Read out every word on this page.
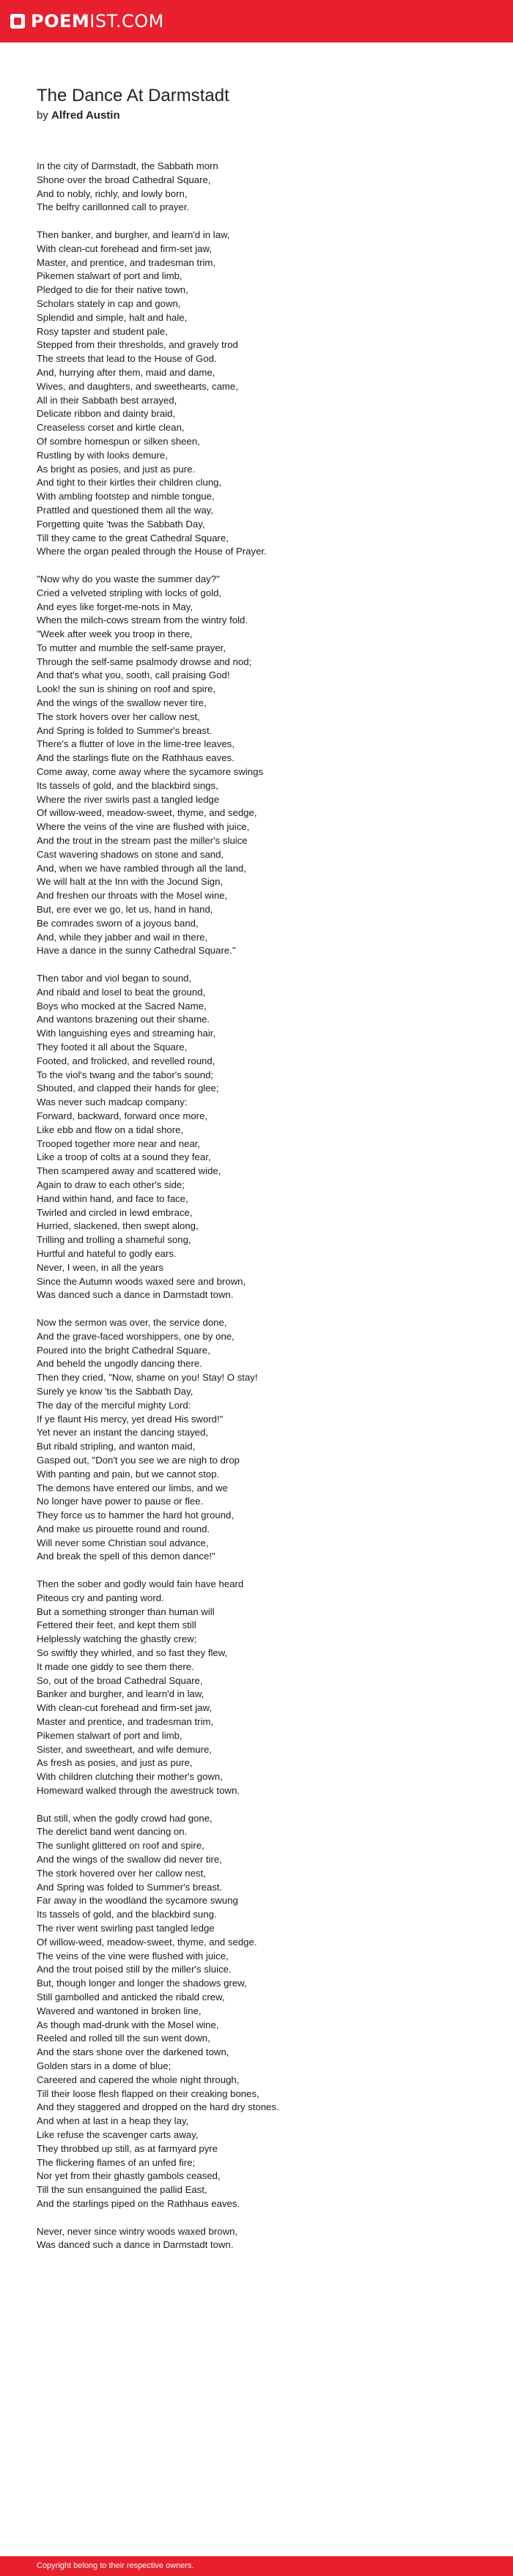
POEMIST.COM
The Dance At Darmstadt
by Alfred Austin

In the city of Darmstadt, the Sabbath morn
Shone over the broad Cathedral Square,
And to nobly, richly, and lowly born,
The belfry carillonned call to prayer.

Then banker, and burgher, and learn'd in law,
With clean-cut forehead and firm-set jaw,
Master, and prentice, and tradesman trim,
Pikemen stalwart of port and limb,
Pledged to die for their native town,
Scholars stately in cap and gown,
Splendid and simple, halt and hale,
Rosy tapster and student pale,
Stepped from their thresholds, and gravely trod
The streets that lead to the House of God.
And, hurrying after them, maid and dame,
Wives, and daughters, and sweethearts, came,
All in their Sabbath best arrayed,
Delicate ribbon and dainty braid,
Creaseless corset and kirtle clean,
Of sombre homespun or silken sheen,
Rustling by with looks demure,
As bright as posies, and just as pure.
And tight to their kirtles their children clung,
With ambling footstep and nimble tongue,
Prattled and questioned them all the way,
Forgetting quite 'twas the Sabbath Day,
Till they came to the great Cathedral Square,
Where the organ pealed through the House of Prayer.

"Now why do you waste the summer day?"
Cried a velveted stripling with locks of gold,
And eyes like forget-me-nots in May,
When the milch-cows stream from the wintry fold.
"Week after week you troop in there,
To mutter and mumble the self-same prayer,
Through the self-same psalmody drowse and nod;
And that's what you, sooth, call praising God!
Look! the sun is shining on roof and spire,
And the wings of the swallow never tire,
The stork hovers over her callow nest,
And Spring is folded to Summer's breast.
There's a flutter of love in the lime-tree leaves,
And the starlings flute on the Rathhaus eaves.
Come away, come away where the sycamore swings
Its tassels of gold, and the blackbird sings,
Where the river swirls past a tangled ledge
Of willow-weed, meadow-sweet, thyme, and sedge,
Where the veins of the vine are flushed with juice,
And the trout in the stream past the miller's sluice
Cast wavering shadows on stone and sand,
And, when we have rambled through all the land,
We will halt at the Inn with the Jocund Sign,
And freshen our throats with the Mosel wine,
But, ere ever we go, let us, hand in hand,
Be comrades sworn of a joyous band,
And, while they jabber and wail in there,
Have a dance in the sunny Cathedral Square.''

Then tabor and viol began to sound,
And ribald and losel to beat the ground,
Boys who mocked at the Sacred Name,
And wantons brazening out their shame.
With languishing eyes and streaming hair,
They footed it all about the Square,
Footed, and frolicked, and revelled round,
To the viol's twang and the tabor's sound;
Shouted, and clapped their hands for glee;
Was never such madcap company:
Forward, backward, forward once more,
Like ebb and flow on a tidal shore,
Trooped together more near and near,
Like a troop of colts at a sound they fear,
Then scampered away and scattered wide,
Again to draw to each other's side;
Hand within hand, and face to face,
Twirled and circled in lewd embrace,
Hurried, slackened, then swept along,
Trilling and trolling a shameful song,
Hurtful and hateful to godly ears.
Never, I ween, in all the years
Since the Autumn woods waxed sere and brown,
Was danced such a dance in Darmstadt town.

Now the sermon was over, the service done,
And the grave-faced worshippers, one by one,
Poured into the bright Cathedral Square,
And beheld the ungodly dancing there.
Then they cried, "Now, shame on you! Stay! O stay!
Surely ye know 'tis the Sabbath Day,
The day of the merciful mighty Lord:
If ye flaunt His mercy, yet dread His sword!"
Yet never an instant the dancing stayed,
But ribald stripling, and wanton maid,
Gasped out, "Don't you see we are nigh to drop
With panting and pain, but we cannot stop.
The demons have entered our limbs, and we
No longer have power to pause or flee.
They force us to hammer the hard hot ground,
And make us pirouette round and round.
Will never some Christian soul advance,
And break the spell of this demon dance!"

Then the sober and godly would fain have heard
Piteous cry and panting word.
But a something stronger than human will
Fettered their feet, and kept them still
Helplessly watching the ghastly crew;
So swiftly they whirled, and so fast they flew,
It made one giddy to see them there.
So, out of the broad Cathedral Square,
Banker and burgher, and learn'd in law,
With clean-cut forehead and firm-set jaw,
Master and prentice, and tradesman trim,
Pikemen stalwart of port and limb,
Sister, and sweetheart, and wife demure,
As fresh as posies, and just as pure,
With children clutching their mother's gown,
Homeward walked through the awestruck town.

But still, when the godly crowd had gone,
The derelict band went dancing on.
The sunlight glittered on roof and spire,
And the wings of the swallow did never tire,
The stork hovered over her callow nest,
And Spring was folded to Summer's breast.
Far away in the woodland the sycamore swung
Its tassels of gold, and the blackbird sung.
The river went swirling past tangled ledge
Of willow-weed, meadow-sweet, thyme, and sedge.
The veins of the vine were flushed with juice,
And the trout poised still by the miller's sluice.
But, though longer and longer the shadows grew,
Still gambolled and anticked the ribald crew,
Wavered and wantoned in broken line,
As though mad-drunk with the Mosel wine,
Reeled and rolled till the sun went down,
And the stars shone over the darkened town,
Golden stars in a dome of blue;
Careered and capered the whole night through,
Till their loose flesh flapped on their creaking bones,
And they staggered and dropped on the hard dry stones.
And when at last in a heap they lay,
Like refuse the scavenger carts away,
They throbbed up still, as at farmyard pyre
The flickering flames of an unfed fire;
Nor yet from their ghastly gambols ceased,
Till the sun ensanguined the pallid East,
And the starlings piped on the Rathhaus eaves.

Never, never since wintry woods waxed brown,
Was danced such a dance in Darmstadt town.

Copyright belong to their respective owners.
